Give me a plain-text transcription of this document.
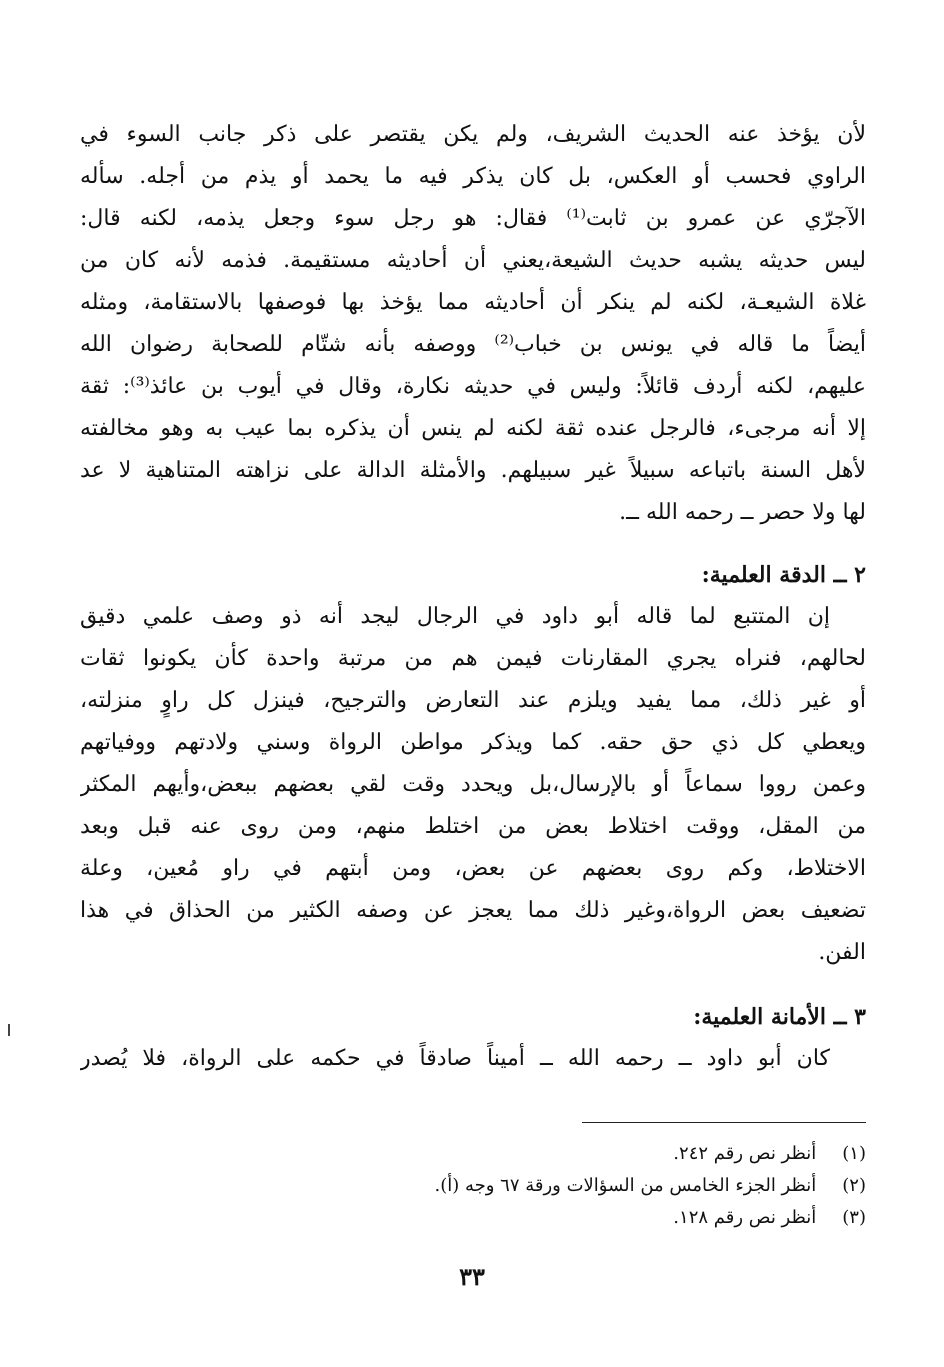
لأن يؤخذ عنه الحديث الشريف، ولم يكن يقتصر على ذكر جانب السوء في
الراوي فحسب أو العكس، بل كان يذكر فيه ما يحمد أو يذم من أجله. سأله
الآجرّي عن عمرو بن ثابت⁽¹⁾ فقال: هو رجل سوء وجعل يذمه، لكنه قال:
ليس حديثه يشبه حديث الشيعة،يعني أن أحاديثه مستقيمة. فذمه لأنه كان من
غلاة الشيعـة، لكنه لم ينكر أن أحاديثه مما يؤخذ بها فوصفها بالاستقامة، ومثله
أيضاً ما قاله في يونس بن خباب⁽²⁾ ووصفه بأنه شتّام للصحابة رضوان الله
عليهم، لكنه أردف قائلاً: وليس في حديثه نكارة، وقال في أيوب بن عائذ⁽³⁾: ثقة
إلا أنه مرجىء، فالرجل عنده ثقة لكنه لم ينس أن يذكره بما عيب به وهو مخالفته
لأهل السنة باتباعه سبيلاً غير سبيلهم. والأمثلة الدالة على نزاهته المتناهية لا عد
لها ولا حصر ــ رحمه الله ــ.
٢ ــ الدقة العلمية:
إن المتتبع لما قاله أبو داود في الرجال ليجد أنه ذو وصف علمي دقيق
لحالهم، فنراه يجري المقارنات فيمن هم من مرتبة واحدة كأن يكونوا ثقات
أو غير ذلك، مما يفيد ويلزم عند التعارض والترجيح، فينزل كل راوٍ منزلته،
ويعطي كل ذي حق حقه. كما ويذكر مواطن الرواة وسني ولادتهم ووفياتهم
وعمن رووا سماعاً أو بالإرسال،بل ويحدد وقت لقي بعضهم ببعض،وأيهم المكثر
من المقل، ووقت اختلاط بعض من اختلط منهم، ومن روى عنه قبل وبعد
الاختلاط، وكم روى بعضهم عن بعض، ومن أبتهم في راو مُعين، وعلة
تضعيف بعض الرواة،وغير ذلك مما يعجز عن وصفه الكثير من الحذاق في هذا
الفن.
٣ ــ الأمانة العلمية:
كان أبو داود ــ رحمه الله ــ أميناً صادقاً في حكمه على الرواة، فلا يُصدر
(١) أنظر نص رقم ٢٤٢.
(٢) أنظر الجزء الخامس من السؤالات ورقة ٦٧ وجه (أ).
(٣) أنظر نص رقم ١٢٨.
٣٣
